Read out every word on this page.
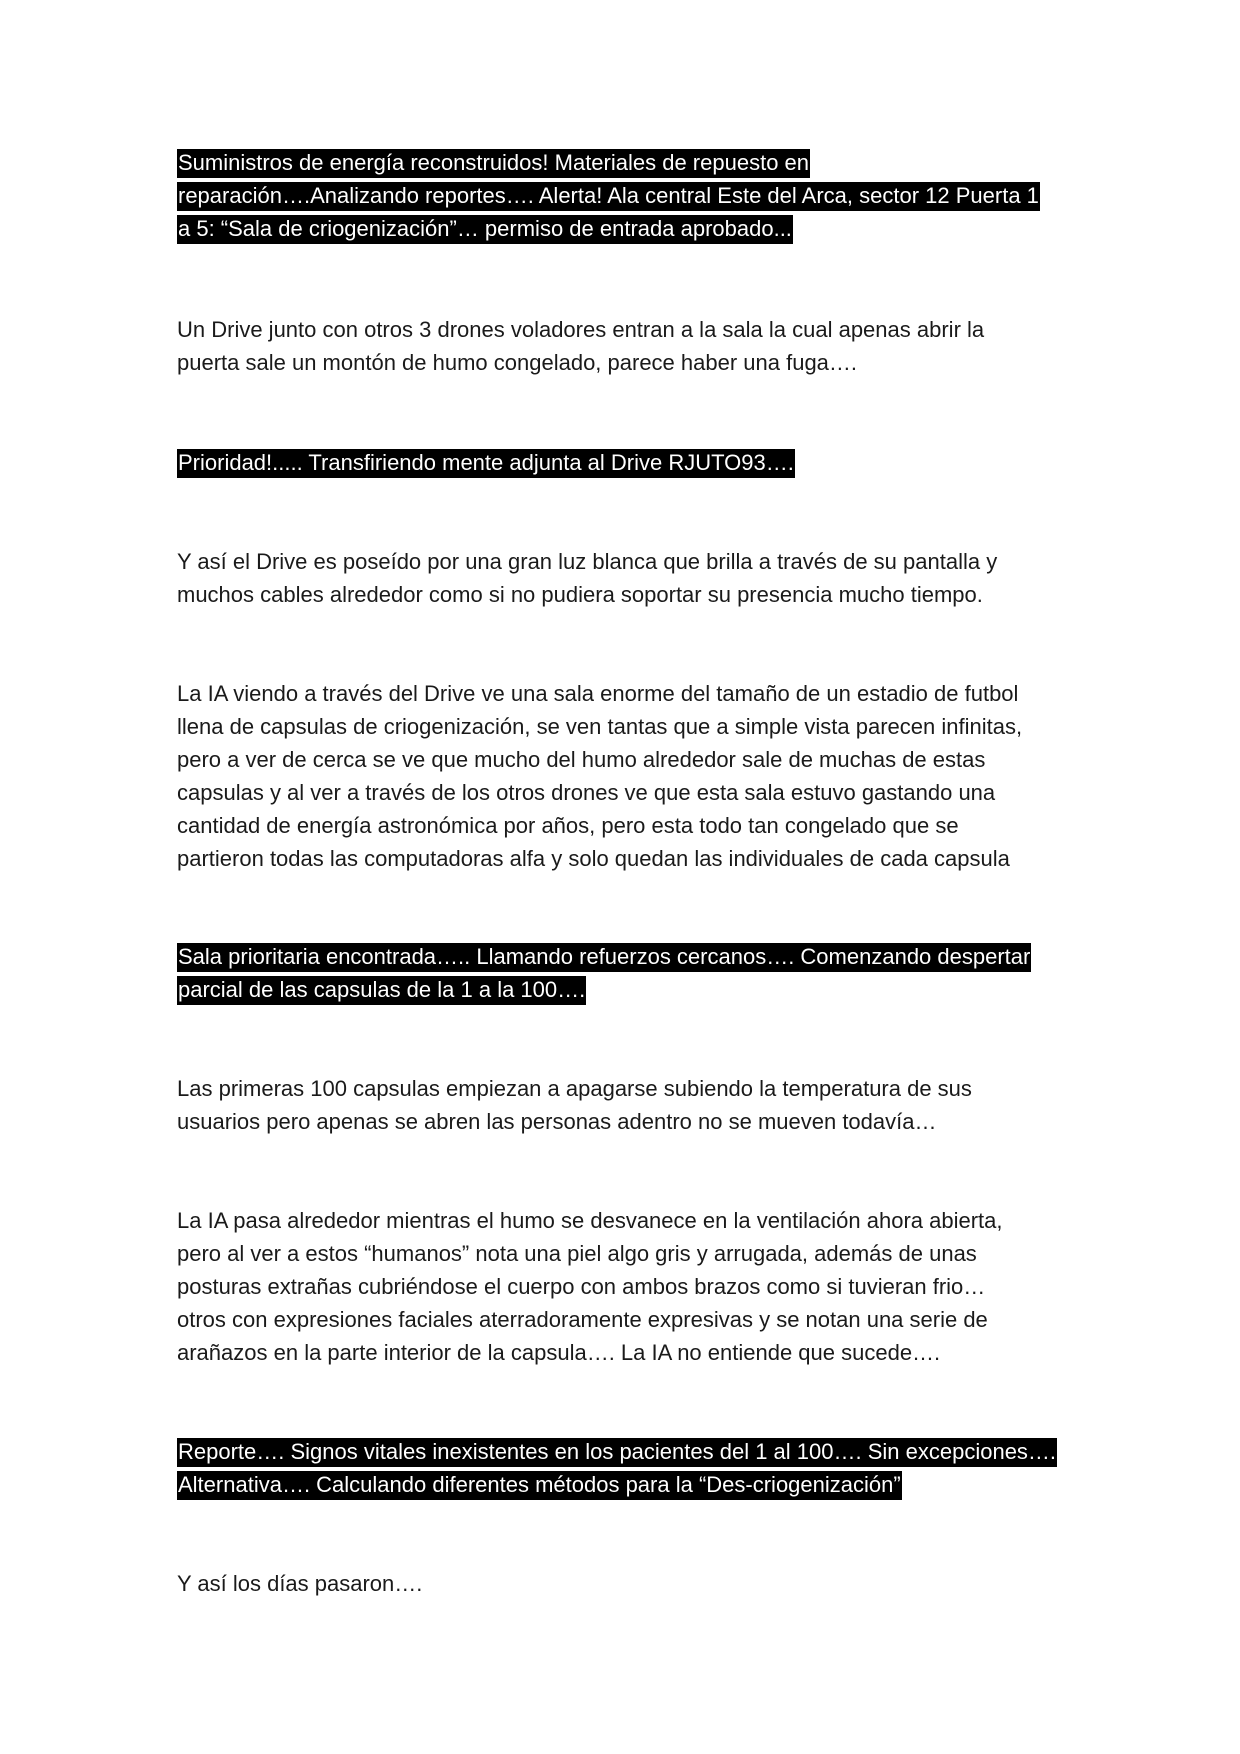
Suministros de energía reconstruidos! Materiales de repuesto en
reparación….Analizando reportes…. Alerta! Ala central Este del Arca, sector 12 Puerta 1
a 5: “Sala de criogenización”… permiso de entrada aprobado...
Un Drive junto con otros 3 drones voladores entran a la sala la cual apenas abrir la
puerta sale un montón de humo congelado, parece haber una fuga….
Prioridad!..... Transfiriendo mente adjunta al Drive RJUTO93….
Y así el Drive es poseído por una gran luz blanca que brilla a través de su pantalla y
muchos cables alrededor como si no pudiera soportar su presencia mucho tiempo.
La IA viendo a través del Drive ve una sala enorme del tamaño de un estadio de futbol
llena de capsulas de criogenización, se ven tantas que a simple vista parecen infinitas,
pero a ver de cerca se ve que mucho del humo alrededor sale de muchas de estas
capsulas y al ver a través de los otros drones ve que esta sala estuvo gastando una
cantidad de energía astronómica por años, pero esta todo tan congelado que se
partieron todas las computadoras alfa y solo quedan las individuales de cada capsula
Sala prioritaria encontrada….. Llamando refuerzos cercanos…. Comenzando despertar
parcial de las capsulas de la 1 a la 100….
Las primeras 100 capsulas empiezan a apagarse subiendo la temperatura de sus
usuarios pero apenas se abren las personas adentro no se mueven todavía…
La IA pasa alrededor mientras el humo se desvanece en la ventilación ahora abierta,
pero al ver a estos “humanos” nota una piel algo gris y arrugada, además de unas
posturas extrañas cubriéndose el cuerpo con ambos brazos como si tuvieran frio…
otros con expresiones faciales aterradoramente expresivas y se notan una serie de
arañazos en la parte interior de la capsula…. La IA no entiende que sucede….
Reporte…. Signos vitales inexistentes en los pacientes del 1 al 100…. Sin excepciones….
Alternativa…. Calculando diferentes métodos para la “Des-criogenización”
Y así los días pasaron….
